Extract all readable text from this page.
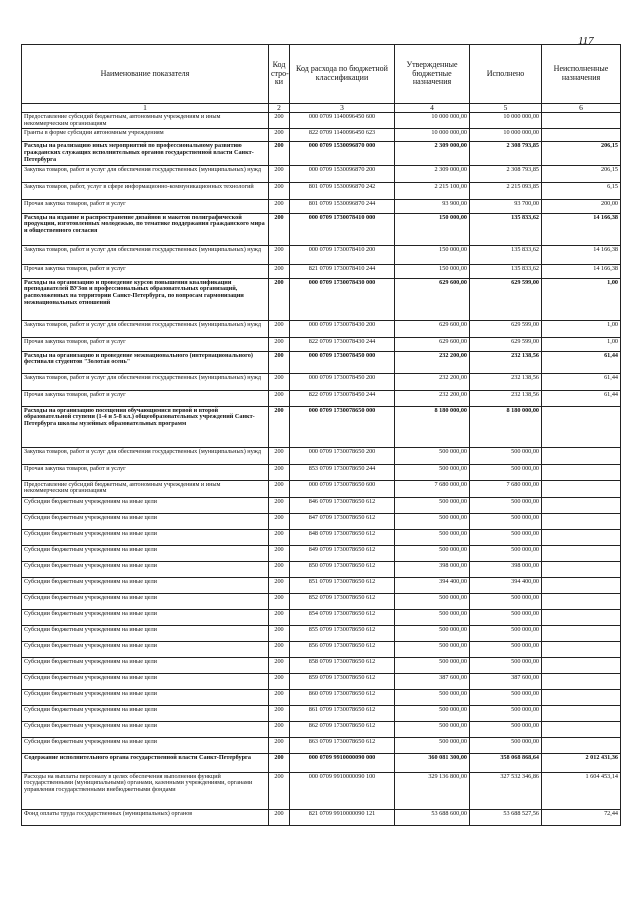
117
Наименование показателя	Код стро-ки	Код расхода по бюджетной классификации	Утвержденные бюджетные назначения	Исполнено	Неисполненные назначения
1	2	3	4	5	6
Предоставление субсидий бюджетным, автономным учреждениям и иным некоммерческим организациям	200	000 0709 1140096450 600	10 000 000,00	10 000 000,00	
Гранты в форме субсидии автономным учреждениям	200	822 0709 1140096450 623	10 000 000,00	10 000 000,00	
Расходы на реализацию иных мероприятий по профессиональному развитию гражданских служащих исполнительных органов государственной власти Санкт-Петербурга	200	000 0709 1530096870 000	2 309 000,00	2 308 793,85	206,15
Закупка товаров, работ и услуг для обеспечения государственных (муниципальных) нужд	200	000 0709 1530096870 200	2 309 000,00	2 308 793,85	206,15
Закупка товаров, работ, услуг в сфере информационно-коммуникационных технологий	200	801 0709 1530096870 242	2 215 100,00	2 215 093,85	6,15
Прочая закупка товаров, работ и услуг	200	801 0709 1530096870 244	93 900,00	93 700,00	200,00
Расходы на издание и распространение дизайнов и макетов полиграфической продукции, изготовленных молодежью, по тематике поддержания гражданского мира и общественного согласия	200	000 0709 1730078410 000	150 000,00	135 833,62	14 166,38
Закупка товаров, работ и услуг для обеспечения государственных (муниципальных) нужд	200	000 0709 1730078410 200	150 000,00	135 833,62	14 166,38
Прочая закупка товаров, работ и услуг	200	821 0709 1730078410 244	150 000,00	135 833,62	14 166,38
Расходы на организацию и проведение курсов повышения квалификации преподавателей ВУЗов и профессиональных образовательных организаций, расположенных на территории Санкт-Петербурга, по вопросам гармонизации межнациональных отношений	200	000 0709 1730078430 000	629 600,00	629 599,00	1,00
Закупка товаров, работ и услуг для обеспечения государственных (муниципальных) нужд	200	000 0709 1730078430 200	629 600,00	629 599,00	1,00
Прочая закупка товаров, работ и услуг	200	822 0709 1730078430 244	629 600,00	629 599,00	1,00
Расходы на организацию и проведение межнационального (интернационального) фестиваля студентов "Золотая осень"	200	000 0709 1730078450 000	232 200,00	232 138,56	61,44
Закупка товаров, работ и услуг для обеспечения государственных (муниципальных) нужд	200	000 0709 1730078450 200	232 200,00	232 138,56	61,44
Прочая закупка товаров, работ и услуг	200	822 0709 1730078450 244	232 200,00	232 138,56	61,44
Расходы на организацию посещения обучающимися первой и второй образовательной ступени (1-4 и 5-8 кл.) общеобразовательных учреждений Санкт-Петербурга школы музейных образовательных программ	200	000 0709 1730078650 000	8 180 000,00	8 180 000,00	
Закупка товаров, работ и услуг для обеспечения государственных (муниципальных) нужд	200	000 0709 1730078650 200	500 000,00	500 000,00	
Прочая закупка товаров, работ и услуг	200	853 0709 1730078650 244	500 000,00	500 000,00	
Предоставление субсидий бюджетным, автономным учреждениям и иным некоммерческим организациям	200	000 0709 1730078650 600	7 680 000,00	7 680 000,00	
Субсидии бюджетным учреждениям на иные цели	200	846 0709 1730078650 612	500 000,00	500 000,00	
Субсидии бюджетным учреждениям на иные цели	200	847 0709 1730078650 612	500 000,00	500 000,00	
Субсидии бюджетным учреждениям на иные цели	200	848 0709 1730078650 612	500 000,00	500 000,00	
Субсидии бюджетным учреждениям на иные цели	200	849 0709 1730078650 612	500 000,00	500 000,00	
Субсидии бюджетным учреждениям на иные цели	200	850 0709 1730078650 612	398 000,00	398 000,00	
Субсидии бюджетным учреждениям на иные цели	200	851 0709 1730078650 612	394 400,00	394 400,00	
Субсидии бюджетным учреждениям на иные цели	200	852 0709 1730078650 612	500 000,00	500 000,00	
Субсидии бюджетным учреждениям на иные цели	200	854 0709 1730078650 612	500 000,00	500 000,00	
Субсидии бюджетным учреждениям на иные цели	200	855 0709 1730078650 612	500 000,00	500 000,00	
Субсидии бюджетным учреждениям на иные цели	200	856 0709 1730078650 612	500 000,00	500 000,00	
Субсидии бюджетным учреждениям на иные цели	200	858 0709 1730078650 612	500 000,00	500 000,00	
Субсидии бюджетным учреждениям на иные цели	200	859 0709 1730078650 612	387 600,00	387 600,00	
Субсидии бюджетным учреждениям на иные цели	200	860 0709 1730078650 612	500 000,00	500 000,00	
Субсидии бюджетным учреждениям на иные цели	200	861 0709 1730078650 612	500 000,00	500 000,00	
Субсидии бюджетным учреждениям на иные цели	200	862 0709 1730078650 612	500 000,00	500 000,00	
Субсидии бюджетным учреждениям на иные цели	200	863 0709 1730078650 612	500 000,00	500 000,00	
Содержание исполнительного органа государственной власти Санкт-Петербурга	200	000 0709 9910000090 000	360 081 300,00	358 068 868,64	2 012 431,36
Расходы на выплаты персоналу в целях обеспечения выполнения функций государственными (муниципальными) органами, казенными учреждениями, органами управления государственными внебюджетными фондами	200	000 0709 9910000090 100	329 136 800,00	327 532 346,86	1 604 453,14
Фонд оплаты труда государственных (муниципальных) органов	200	821 0709 9910000090 121	53 688 600,00	53 688 527,56	72,44
